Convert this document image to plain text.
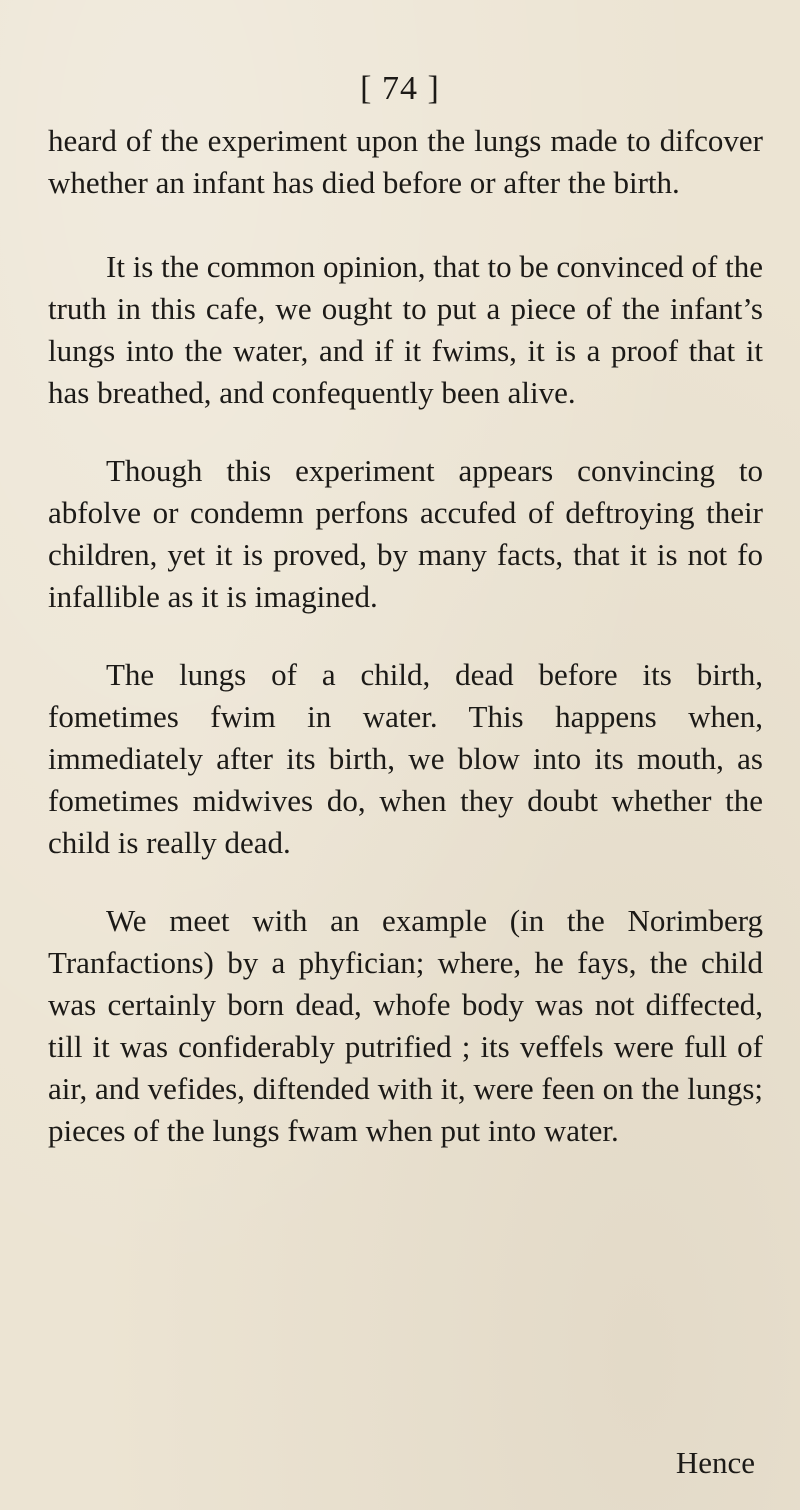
[ 74 ]

heard of the experiment upon the lungs made to difcover whether an infant has died before or after the birth.

It is the common opinion, that to be convinced of the truth in this cafe, we ought to put a piece of the infant’s lungs into the water, and if it fwims, it is a proof that it has breathed, and confequently been alive.

Though this experiment appears convincing to abfolve or condemn perfons accufed of deftroying their children, yet it is proved, by many facts, that it is not fo infallible as it is imagined.

The lungs of a child, dead before its birth, fometimes fwim in water. This happens when, immediately after its birth, we blow into its mouth, as fometimes midwives do, when they doubt whether the child is really dead.

We meet with an example (in the Norimberg Tranfactions) by a phyfician; where, he fays, the child was certainly born dead, whofe body was not diffected, till it was confiderably putrified ; its veffels were full of air, and vefides, diftended with it, were feen on the lungs; pieces of the lungs fwam when put into water.

Hence
